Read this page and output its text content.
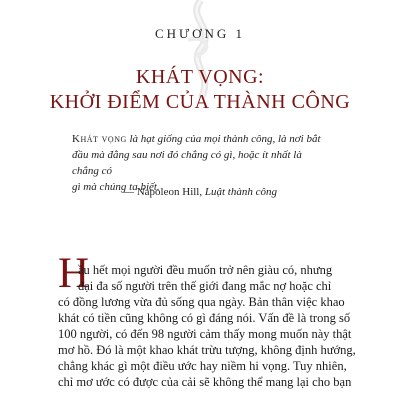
CHƯƠNG 1
KHÁT VỌNG:
KHỞI ĐIỂM CỦA THÀNH CÔNG
Khát vọng là hạt giống của mọi thành công, là nơi bắt
đầu mà đằng sau nơi đó chẳng có gì, hoặc ít nhất là chẳng có
gì mà chúng ta biết.
— Napoleon Hill, Luật thành công
H
ầu hết mọi người đều muốn trở nên giàu có, nhưng
đại đa số người trên thế giới đang mắc nợ hoặc chỉ
có đồng lương vừa đủ sống qua ngày. Bản thân việc khao
khát có tiền cũng không có gì đáng nói. Vấn đề là trong số
100 người, có đến 98 người cảm thấy mong muốn này thật
mơ hồ. Đó là một khao khát trừu tượng, không định hướng,
chẳng khác gì một điều ước hay niềm hi vọng. Tuy nhiên,
chỉ mơ ước có được của cải sẽ không thể mang lại cho bạn
